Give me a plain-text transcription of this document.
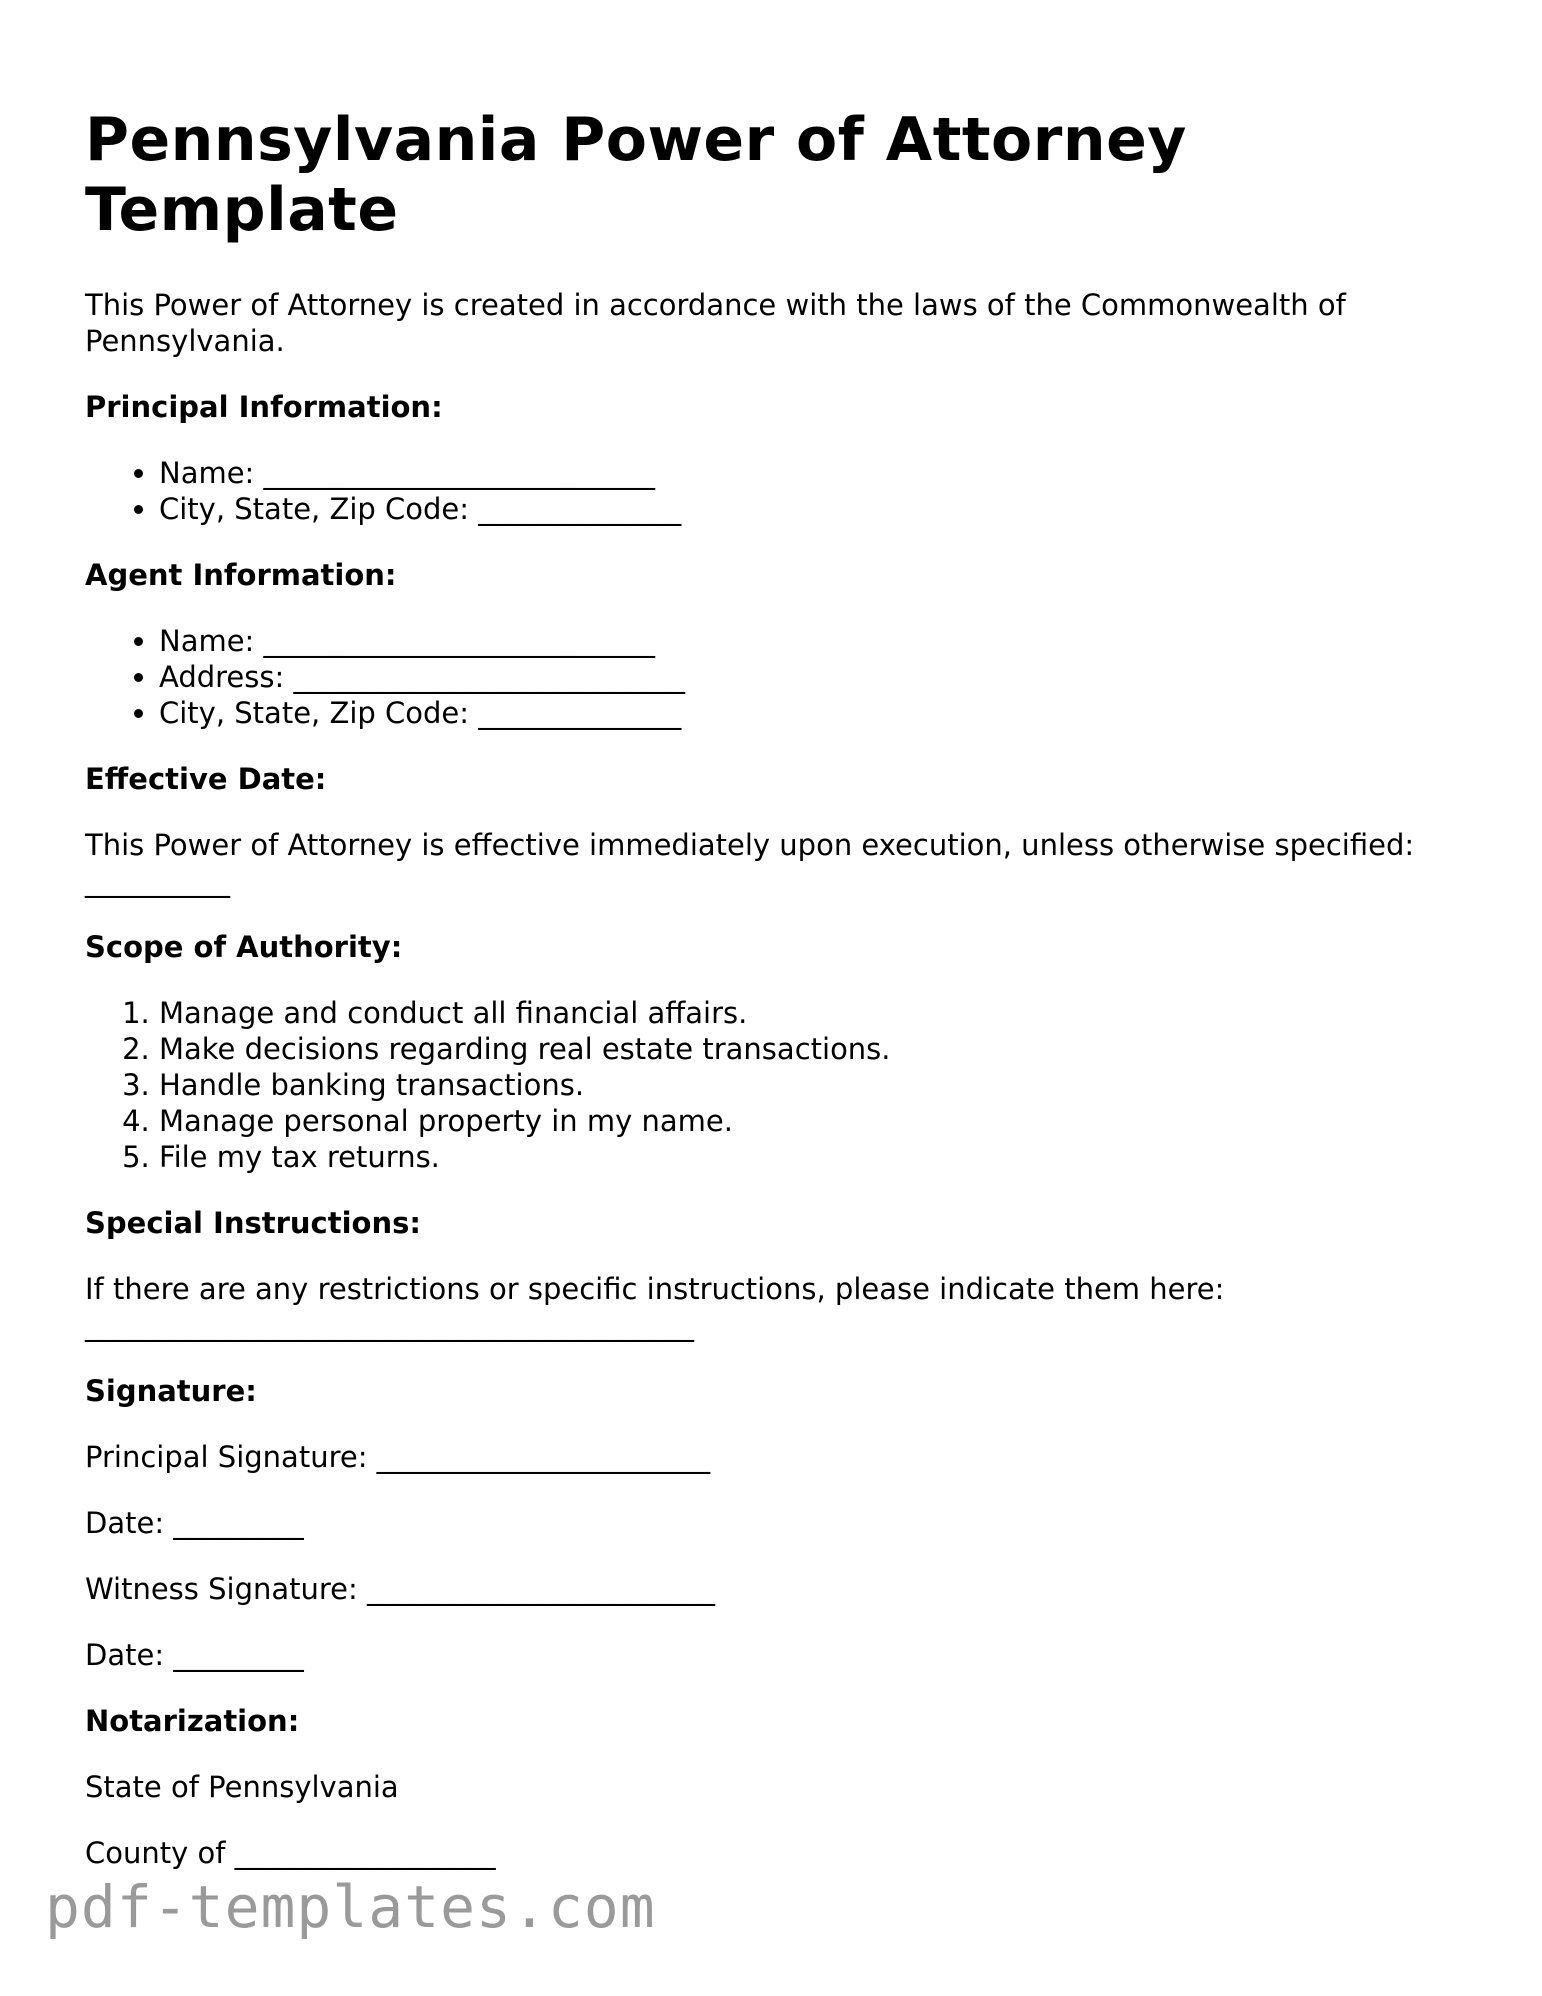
Pennsylvania Power of Attorney Template

This Power of Attorney is created in accordance with the laws of the Commonwealth of Pennsylvania.

Principal Information:
• Name: ___________________________
• City, State, Zip Code: ______________
Agent Information:
• Name: ___________________________
• Address: ___________________________
• City, State, Zip Code: ______________
Effective Date:

This Power of Attorney is effective immediately upon execution, unless otherwise specified: __________

Scope of Authority:
1. Manage and conduct all financial affairs.
2. Make decisions regarding real estate transactions.
3. Handle banking transactions.
4. Manage personal property in my name.
5. File my tax returns.
Special Instructions:

If there are any restrictions or specific instructions, please indicate them here: __________________________________________

Signature:

Principal Signature: _______________________

Date: _________

Witness Signature: ________________________

Date: _________

Notarization:

State of Pennsylvania

County of __________________

pdf-templates.com
